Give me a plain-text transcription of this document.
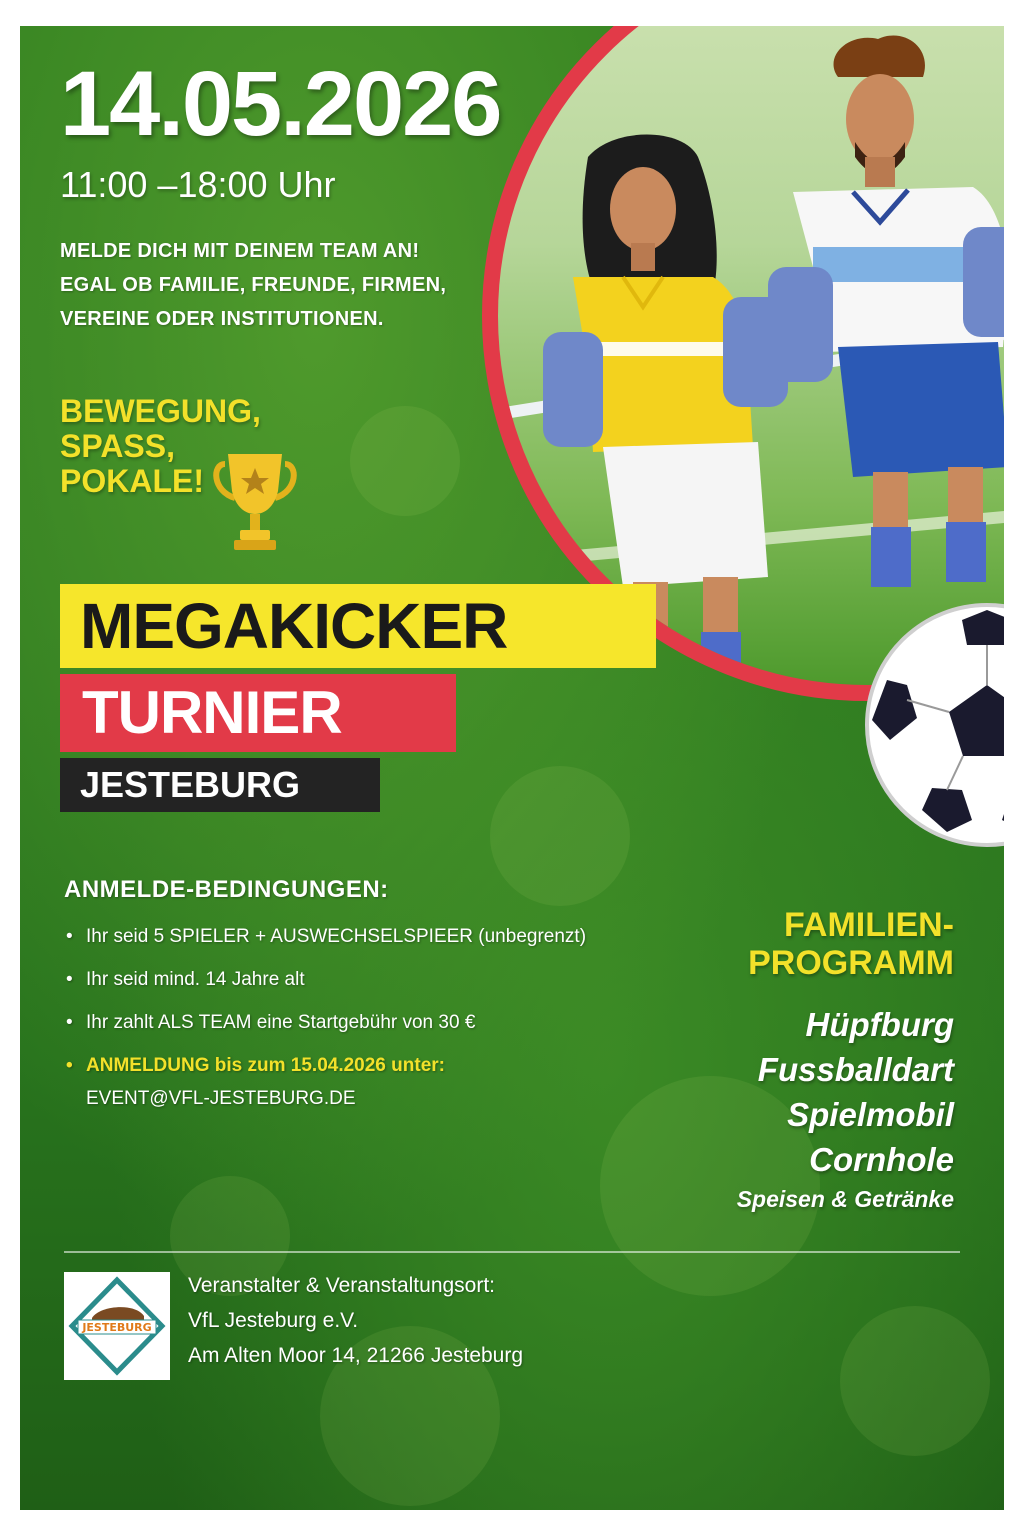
14.05.2026
11:00 –18:00 Uhr
MELDE DICH MIT DEINEM TEAM AN! EGAL OB FAMILIE, FREUNDE, FIRMEN, VEREINE ODER INSTITUTIONEN.
BEWEGUNG,
SPASS,
POKALE!
MEGAKICKER
TURNIER
JESTEBURG
ANMELDE-BEDINGUNGEN:
• Ihr seid 5 SPIELER + AUSWECHSELSPIEER (unbegrenzt)
• Ihr seid mind. 14 Jahre alt
• Ihr zahlt ALS TEAM eine Startgebühr von 30 €
• ANMELDUNG bis zum 15.04.2026 unter:
EVENT@VFL-JESTEBURG.DE
FAMILIEN-
PROGRAMM
Hüpfburg
Fussballdart
Spielmobil
Cornhole
Speisen & Getränke
JESTEBURG
Veranstalter & Veranstaltungsort:
VfL Jesteburg e.V.
Am Alten Moor 14, 21266 Jesteburg
